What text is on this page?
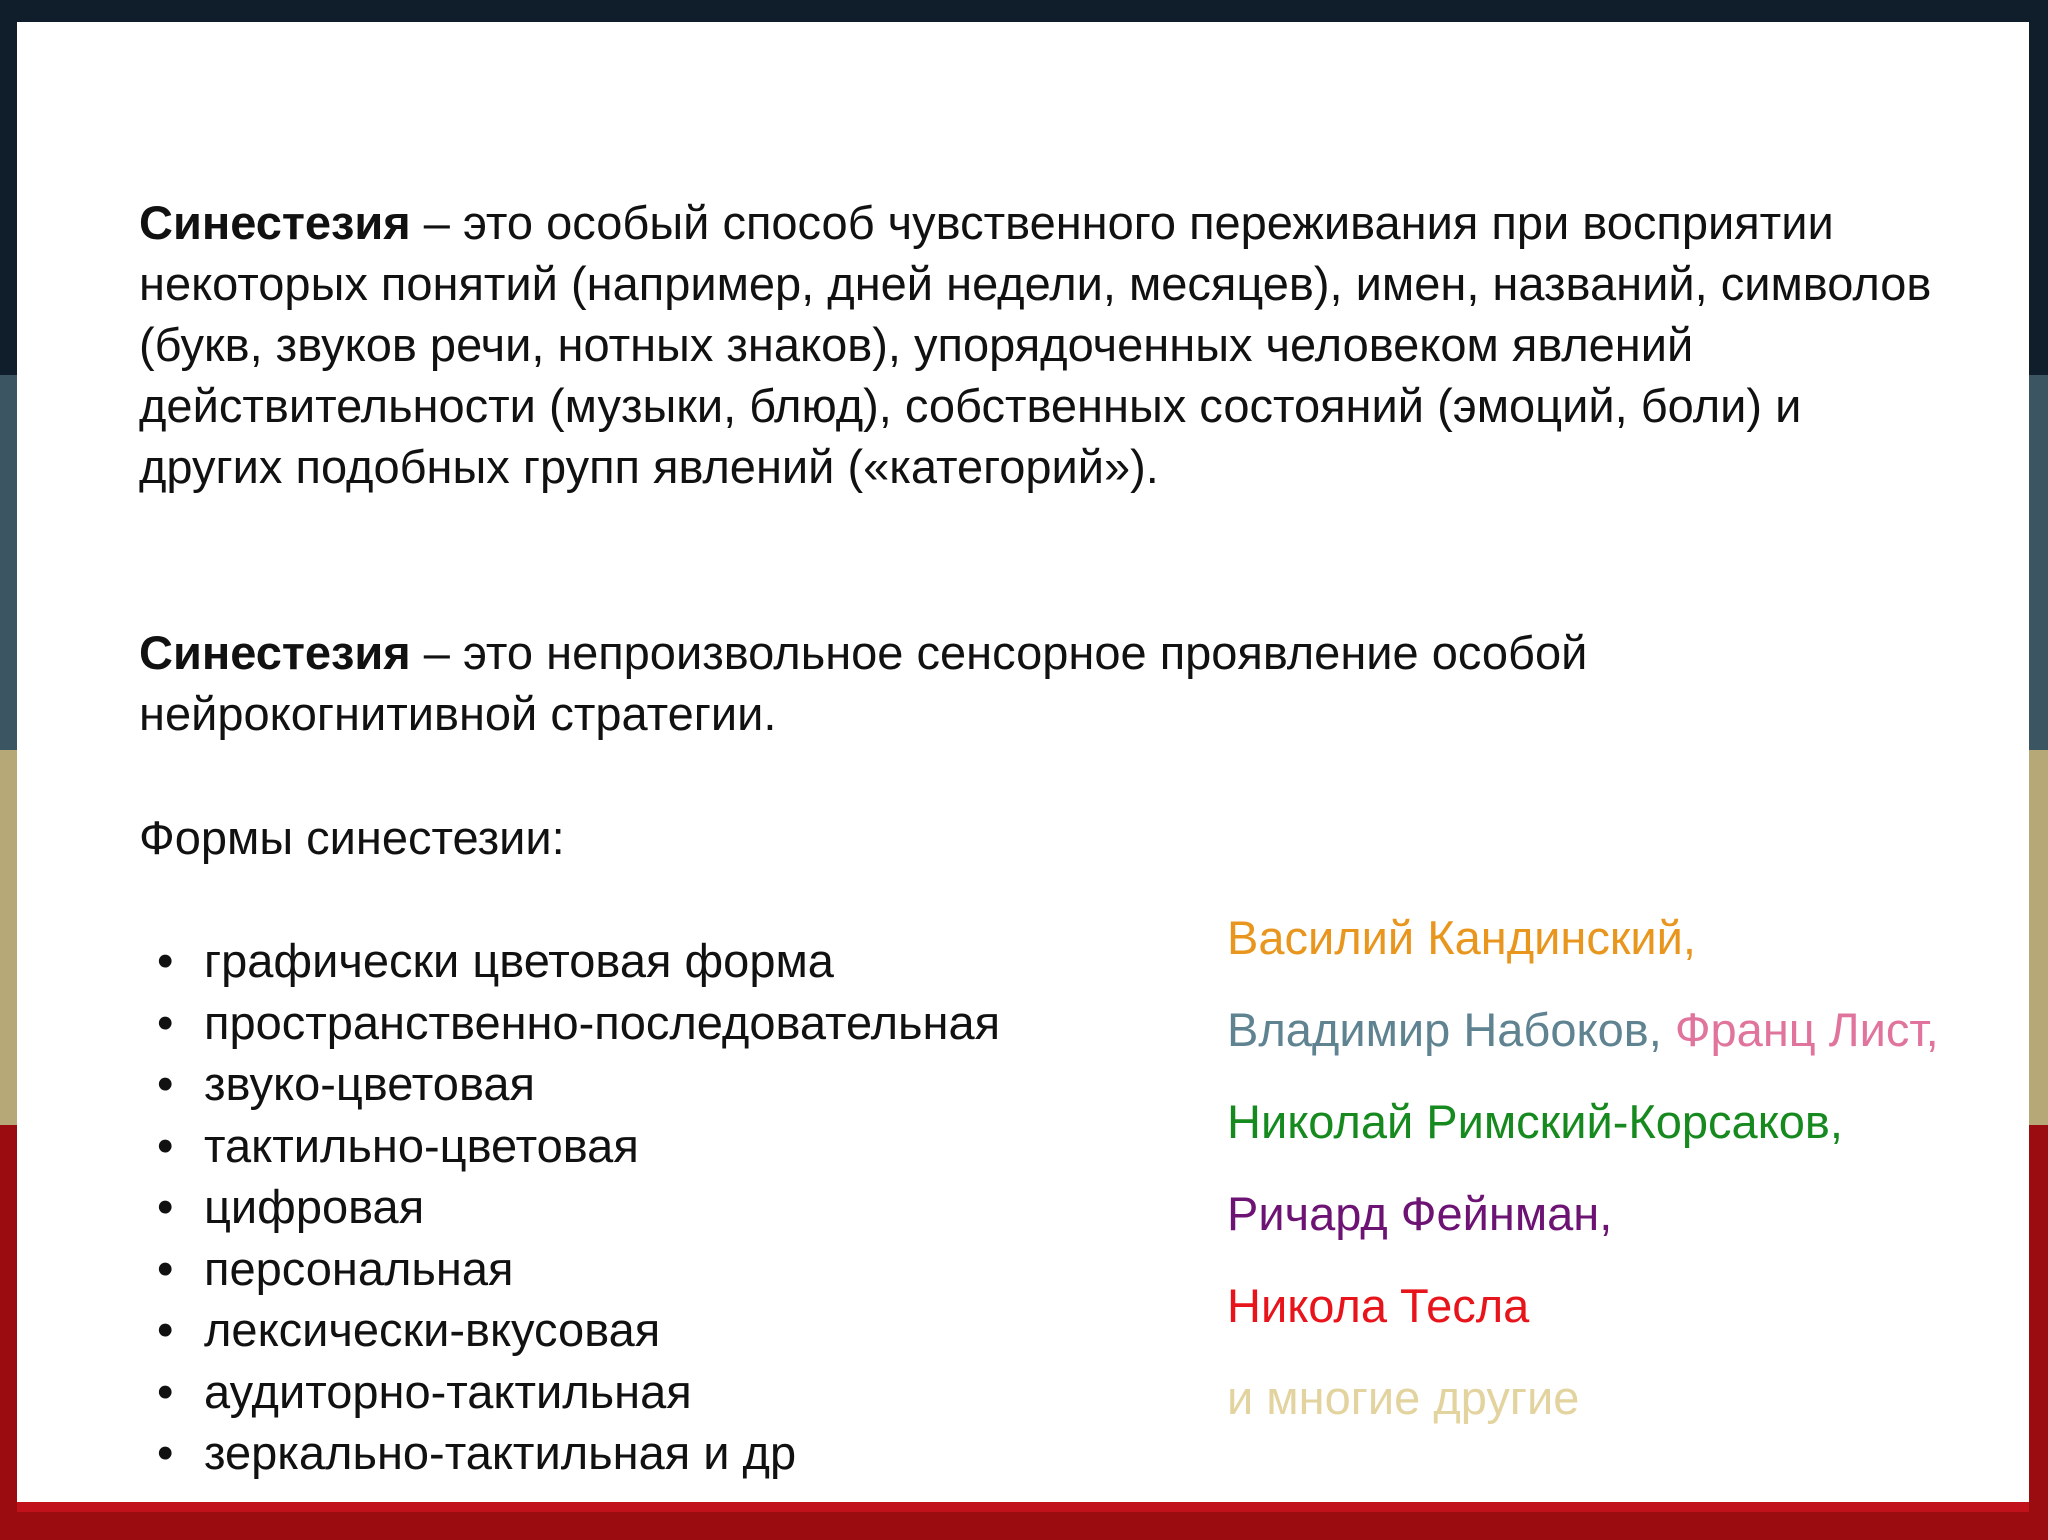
Синестезия – это особый способ чувственного переживания при восприятии некоторых понятий (например, дней недели, месяцев), имен, названий, символов (букв, звуков речи, нотных знаков), упорядоченных человеком явлений действительности (музыки, блюд), собственных состояний (эмоций, боли) и других подобных групп явлений («категорий»).

Синестезия – это непроизвольное сенсорное проявление особой нейрокогнитивной стратегии.

Формы синестезии:

• графически цветовая форма
• пространственно-последовательная
• звуко-цветовая
• тактильно-цветовая
• цифровая
• персональная
• лексически-вкусовая
• аудиторно-тактильная
• зеркально-тактильная и др

Василий Кандинский,
Владимир Набоков, Франц Лист, Николай Римский-Корсаков, Ричард Фейнман,
Никола Тесла
и многие другие
